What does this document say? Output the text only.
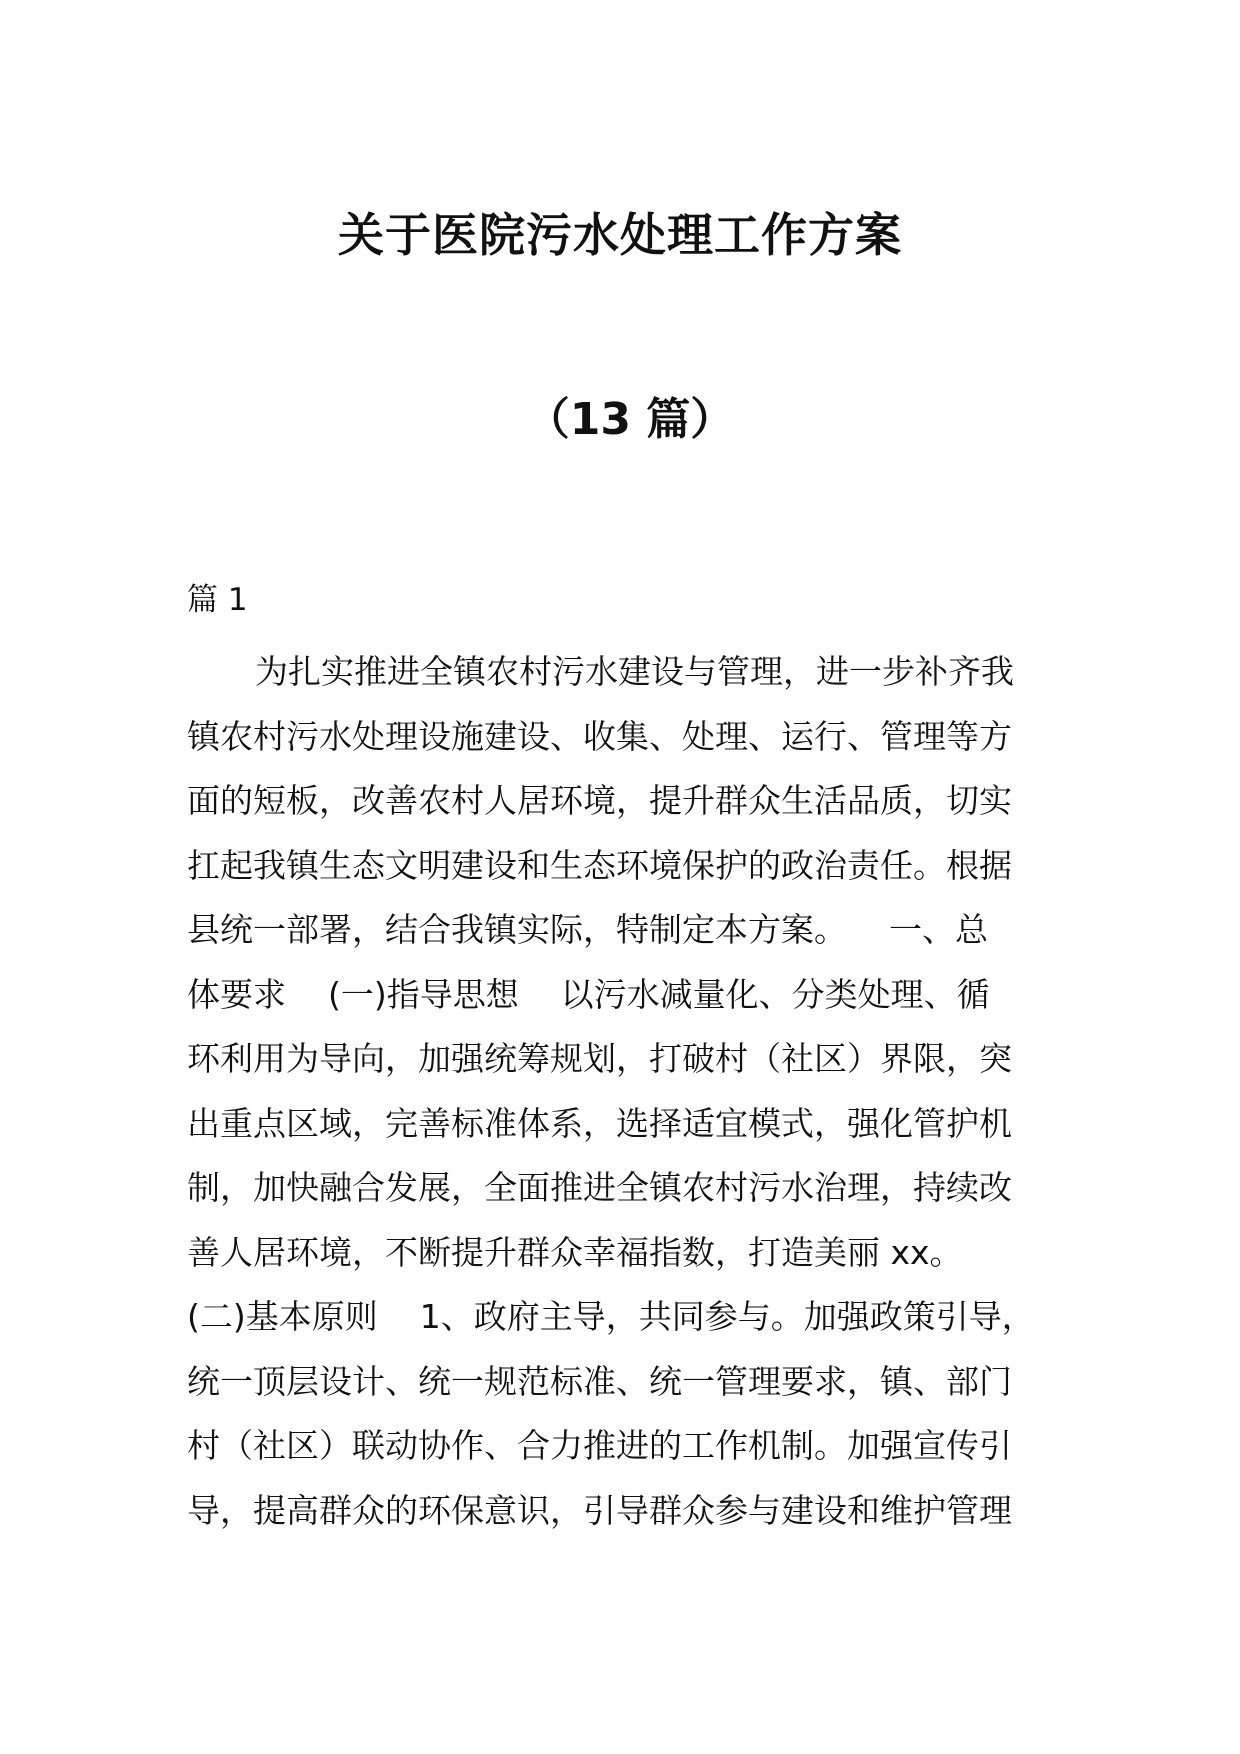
关于医院污水处理工作方案
（13 篇）
篇 1
为扎实推进全镇农村污水建设与管理，进一步补齐我
镇农村污水处理设施建设、收集、处理、运行、管理等方
面的短板，改善农村人居环境，提升群众生活品质，切实
扛起我镇生态文明建设和生态环境保护的政治责任。根据
县统一部署，结合我镇实际，特制定本方案。    一、总
体要求    (一)指导思想    以污水减量化、分类处理、循
环利用为导向，加强统筹规划，打破村（社区）界限，突
出重点区域，完善标准体系，选择适宜模式，强化管护机
制，加快融合发展，全面推进全镇农村污水治理，持续改
善人居环境，不断提升群众幸福指数，打造美丽 xx。
(二)基本原则    1、政府主导，共同参与。加强政策引导，
统一顶层设计、统一规范标准、统一管理要求，镇、部门
村（社区）联动协作、合力推进的工作机制。加强宣传引
导，提高群众的环保意识，引导群众参与建设和维护管理
